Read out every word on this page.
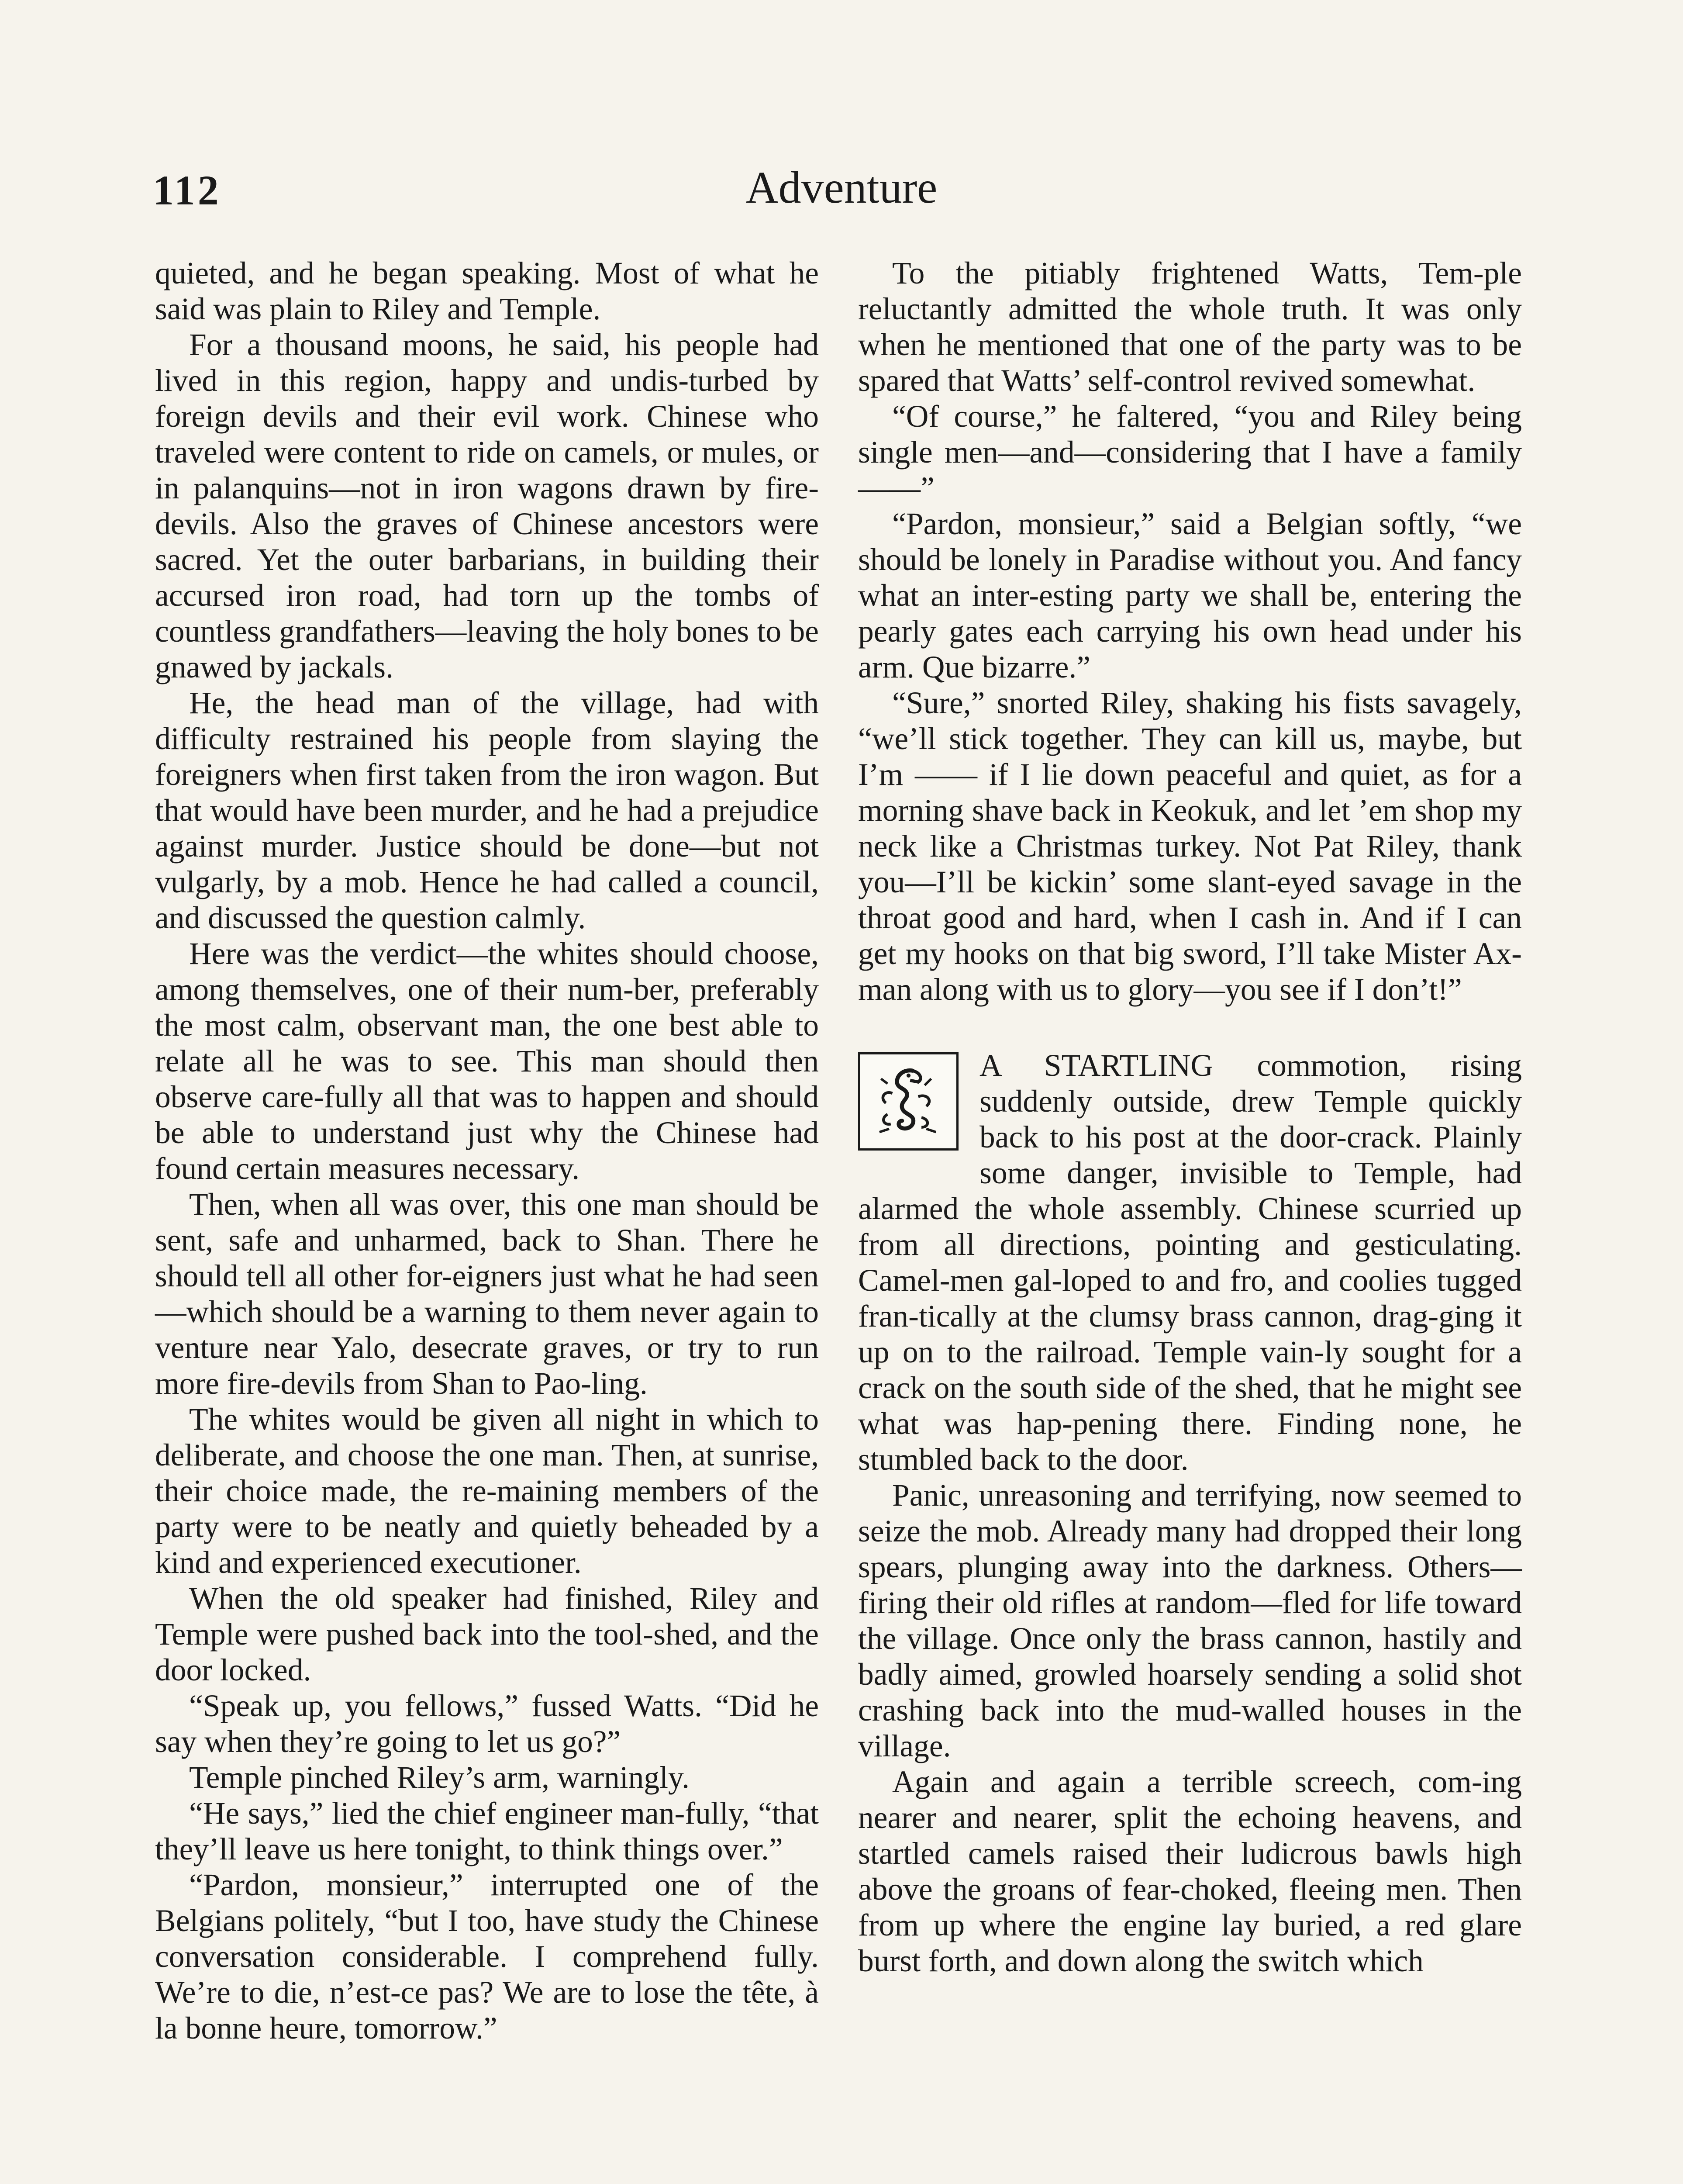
112	Adventure

quieted, and he began speaking. Most of what he said was plain to Riley and Temple.

For a thousand moons, he said, his people had lived in this region, happy and undis-turbed by foreign devils and their evil work. Chinese who traveled were content to ride on camels, or mules, or in palanquins—not in iron wagons drawn by fire-devils. Also the graves of Chinese ancestors were sacred. Yet the outer barbarians, in building their accursed iron road, had torn up the tombs of countless grandfathers—leaving the holy bones to be gnawed by jackals.

He, the head man of the village, had with difficulty restrained his people from slaying the foreigners when first taken from the iron wagon. But that would have been murder, and he had a prejudice against murder. Justice should be done—but not vulgarly, by a mob. Hence he had called a council, and discussed the question calmly.

Here was the verdict—the whites should choose, among themselves, one of their num-ber, preferably the most calm, observant man, the one best able to relate all he was to see. This man should then observe care-fully all that was to happen and should be able to understand just why the Chinese had found certain measures necessary.

Then, when all was over, this one man should be sent, safe and unharmed, back to Shan. There he should tell all other for-eigners just what he had seen—which should be a warning to them never again to venture near Yalo, desecrate graves, or try to run more fire-devils from Shan to Pao-ling.

The whites would be given all night in which to deliberate, and choose the one man. Then, at sunrise, their choice made, the re-maining members of the party were to be neatly and quietly beheaded by a kind and experienced executioner.

When the old speaker had finished, Riley and Temple were pushed back into the tool-shed, and the door locked.

“Speak up, you fellows,” fussed Watts. “Did he say when they’re going to let us go?”

Temple pinched Riley’s arm, warningly.

“He says,” lied the chief engineer man-fully, “that they’ll leave us here tonight, to think things over.”

“Pardon, monsieur,” interrupted one of the Belgians politely, “but I too, have study the Chinese conversation considerable. I comprehend fully. We’re to die, n’est-ce pas? We are to lose the tête, à la bonne heure, tomorrow.”

To the pitiably frightened Watts, Tem-ple reluctantly admitted the whole truth. It was only when he mentioned that one of the party was to be spared that Watts’ self-control revived somewhat.

“Of course,” he faltered, “you and Riley being single men—and—considering that I have a family——”

“Pardon, monsieur,” said a Belgian softly, “we should be lonely in Paradise without you. And fancy what an inter-esting party we shall be, entering the pearly gates each carrying his own head under his arm. Que bizarre.”

“Sure,” snorted Riley, shaking his fists savagely, “we’ll stick together. They can kill us, maybe, but I’m —— if I lie down peaceful and quiet, as for a morning shave back in Keokuk, and let ’em shop my neck like a Christmas turkey. Not Pat Riley, thank you—I’ll be kickin’ some slant-eyed savage in the throat good and hard, when I cash in. And if I can get my hooks on that big sword, I’ll take Mister Ax-man along with us to glory—you see if I don’t!”

A STARTLING commotion, rising suddenly outside, drew Temple quickly back to his post at the door-crack. Plainly some danger, invisible to Temple, had alarmed the whole assembly. Chinese scurried up from all directions, pointing and gesticulating. Camel-men gal-loped to and fro, and coolies tugged fran-tically at the clumsy brass cannon, drag-ging it up on to the railroad. Temple vain-ly sought for a crack on the south side of the shed, that he might see what was hap-pening there. Finding none, he stumbled back to the door.

Panic, unreasoning and terrifying, now seemed to seize the mob. Already many had dropped their long spears, plunging away into the darkness. Others—firing their old rifles at random—fled for life toward the village. Once only the brass cannon, hastily and badly aimed, growled hoarsely sending a solid shot crashing back into the mud-walled houses in the village.

Again and again a terrible screech, com-ing nearer and nearer, split the echoing heavens, and startled camels raised their ludicrous bawls high above the groans of fear-choked, fleeing men. Then from up where the engine lay buried, a red glare burst forth, and down along the switch which
